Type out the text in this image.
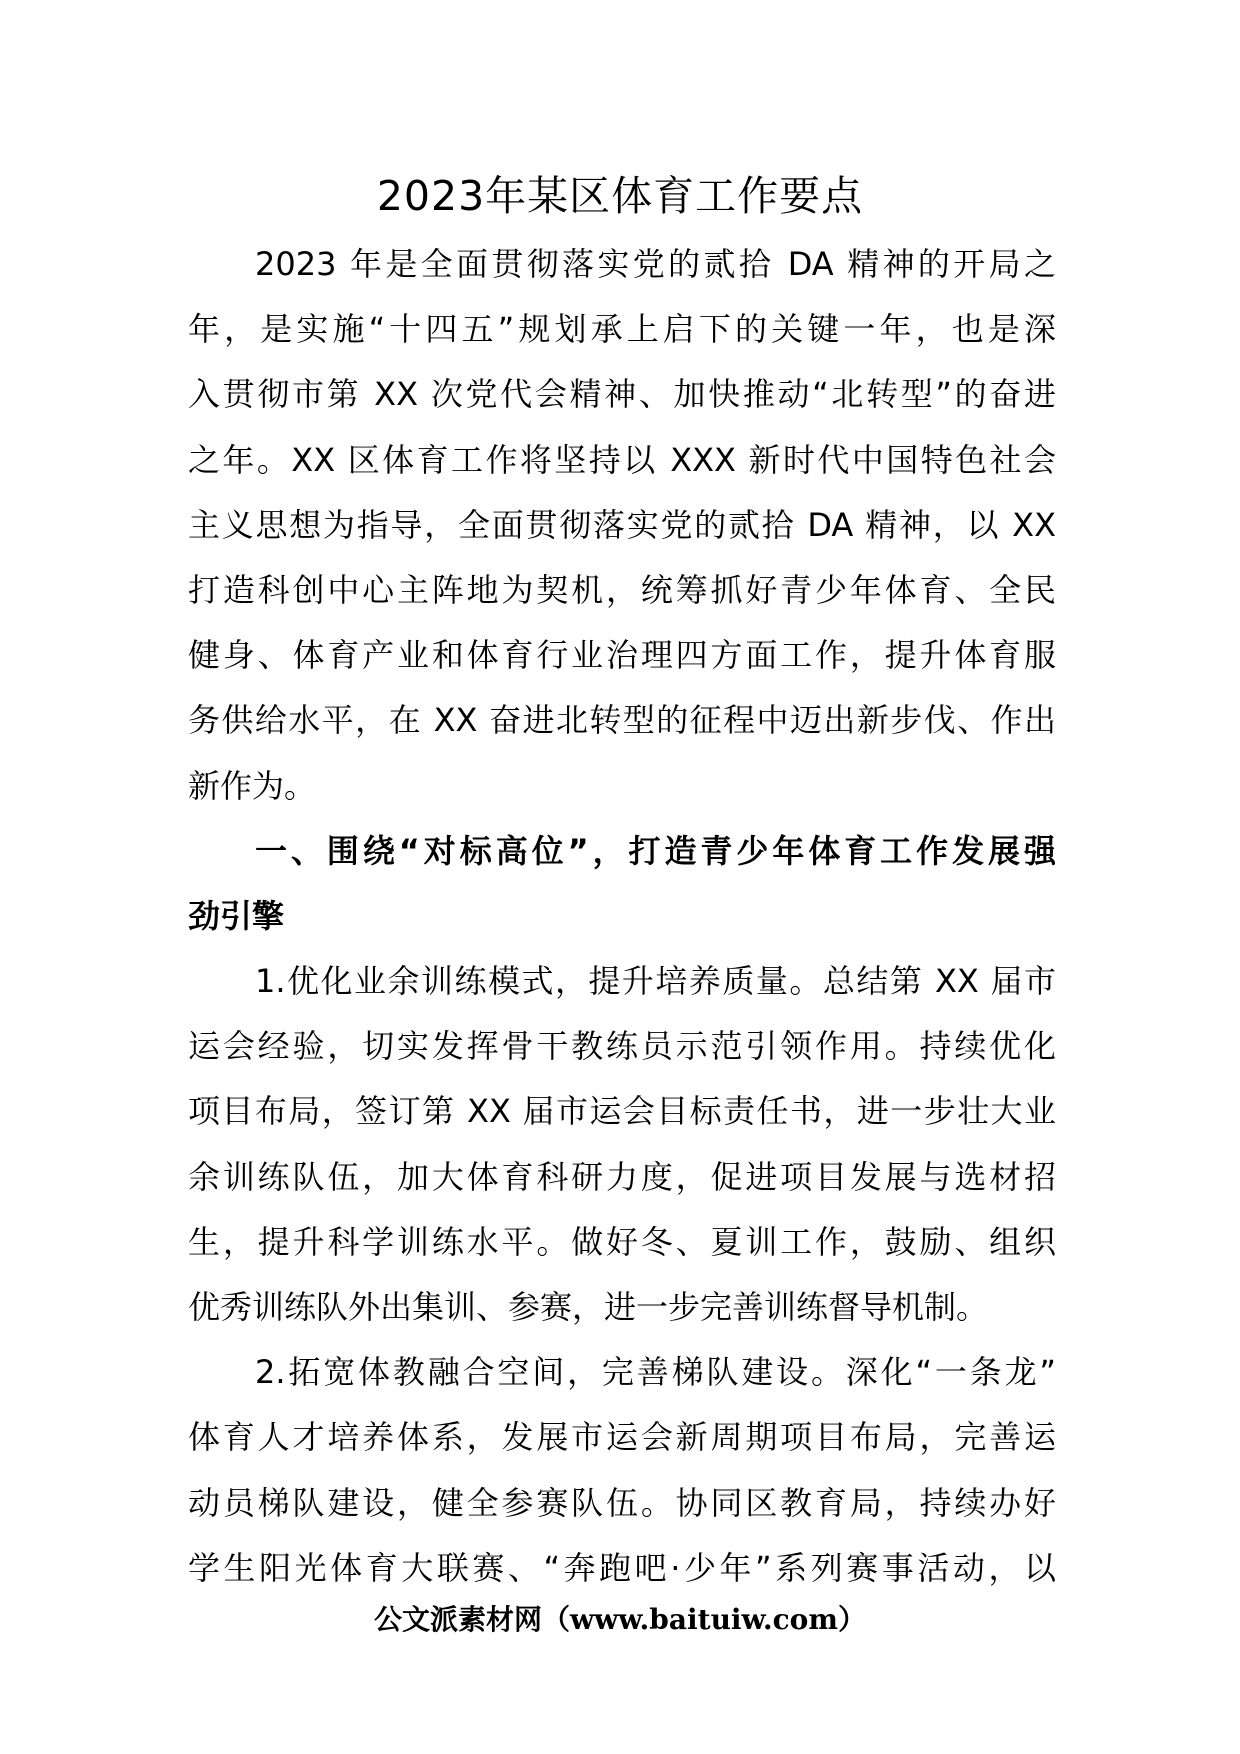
2023年某区体育工作要点
2023 年是全面贯彻落实党的贰拾 DA 精神的开局之
年，是实施“十四五”规划承上启下的关键一年，也是深
入贯彻市第 XX 次党代会精神、加快推动“北转型”的奋进
之年。XX 区体育工作将坚持以 XXX 新时代中国特色社会
主义思想为指导，全面贯彻落实党的贰拾 DA 精神，以 XX
打造科创中心主阵地为契机，统筹抓好青少年体育、全民
健身、体育产业和体育行业治理四方面工作，提升体育服
务供给水平，在 XX 奋进北转型的征程中迈出新步伐、作出
新作为。
一、围绕“对标高位”，打造青少年体育工作发展强
劲引擎
1.优化业余训练模式，提升培养质量。总结第 XX 届市
运会经验，切实发挥骨干教练员示范引领作用。持续优化
项目布局，签订第 XX 届市运会目标责任书，进一步壮大业
余训练队伍，加大体育科研力度，促进项目发展与选材招
生，提升科学训练水平。做好冬、夏训工作，鼓励、组织
优秀训练队外出集训、参赛，进一步完善训练督导机制。
2.拓宽体教融合空间，完善梯队建设。深化“一条龙”
体育人才培养体系，发展市运会新周期项目布局，完善运
动员梯队建设，健全参赛队伍。协同区教育局，持续办好
学生阳光体育大联赛、“奔跑吧·少年”系列赛事活动，以
公文派素材网（www.baituiw.com）
